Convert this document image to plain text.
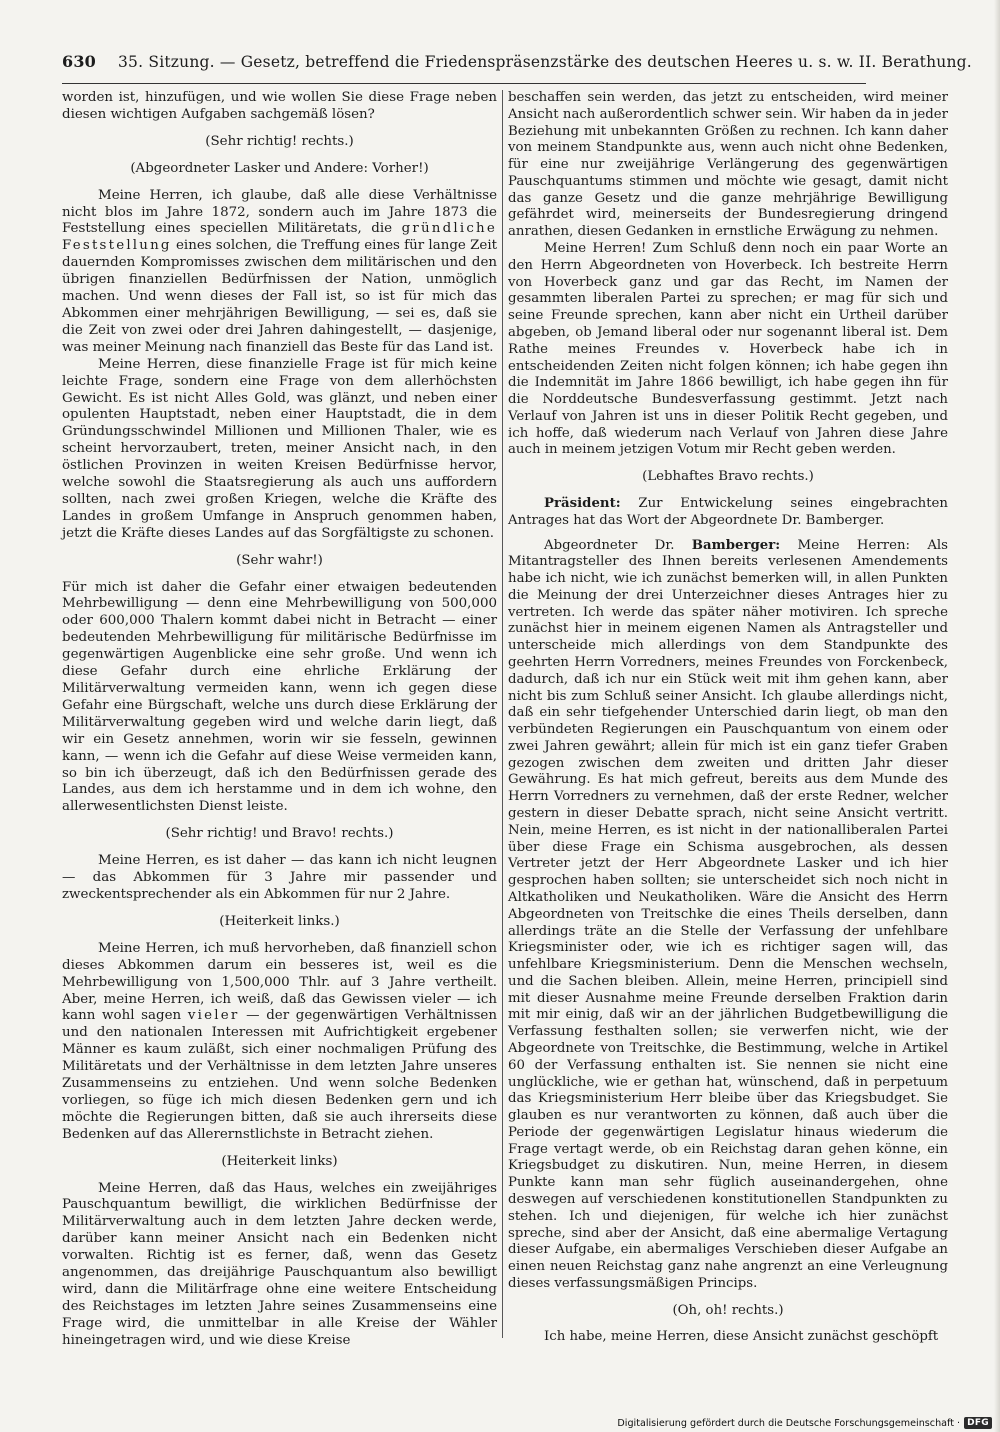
630 35. Sitzung. — Gesetz, betreffend die Friedenspräsenzstärke des deutschen Heeres u. s. w. II. Berathung.

worden ist, hinzufügen, und wie wollen Sie diese Frage neben diesen wichtigen Aufgaben sachgemäß lösen?

(Sehr richtig! rechts.)

(Abgeordneter Lasker und Andere: Vorher!)

Meine Herren, ich glaube, daß alle diese Verhältnisse nicht blos im Jahre 1872, sondern auch im Jahre 1873 die Feststellung eines speciellen Militäretats, die gründliche Feststellung eines solchen, die Treffung eines für lange Zeit dauernden Kompromisses zwischen dem militärischen und den übrigen finanziellen Bedürfnissen der Nation, unmöglich machen. Und wenn dieses der Fall ist, so ist für mich das Abkommen einer mehrjährigen Bewilligung, — sei es, daß sie die Zeit von zwei oder drei Jahren dahingestellt, — dasjenige, was meiner Meinung nach finanziell das Beste für das Land ist.

Meine Herren, diese finanzielle Frage ist für mich keine leichte Frage, sondern eine Frage von dem allerhöchsten Gewicht. Es ist nicht Alles Gold, was glänzt, und neben einer opulenten Hauptstadt, neben einer Hauptstadt, die in dem Gründungsschwindel Millionen und Millionen Thaler, wie es scheint hervorzaubert, treten, meiner Ansicht nach, in den östlichen Provinzen in weiten Kreisen Bedürfnisse hervor, welche sowohl die Staatsregierung als auch uns auffordern sollten, nach zwei großen Kriegen, welche die Kräfte des Landes in großem Umfange in Anspruch genommen haben, jetzt die Kräfte dieses Landes auf das Sorgfältigste zu schonen.

(Sehr wahr!)

Für mich ist daher die Gefahr einer etwaigen bedeutenden Mehrbewilligung — denn eine Mehrbewilligung von 500,000 oder 600,000 Thalern kommt dabei nicht in Betracht — einer bedeutenden Mehrbewilligung für militärische Bedürfnisse im gegenwärtigen Augenblicke eine sehr große. Und wenn ich diese Gefahr durch eine ehrliche Erklärung der Militärverwaltung vermeiden kann, wenn ich gegen diese Gefahr eine Bürgschaft, welche uns durch diese Erklärung der Militärverwaltung gegeben wird und welche darin liegt, daß wir ein Gesetz annehmen, worin wir sie fesseln, gewinnen kann, — wenn ich die Gefahr auf diese Weise vermeiden kann, so bin ich überzeugt, daß ich den Bedürfnissen gerade des Landes, aus dem ich herstamme und in dem ich wohne, den allerwesentlichsten Dienst leiste.

(Sehr richtig! und Bravo! rechts.)

Meine Herren, es ist daher — das kann ich nicht leugnen — das Abkommen für 3 Jahre mir passender und zweckentsprechender als ein Abkommen für nur 2 Jahre.

(Heiterkeit links.)

Meine Herren, ich muß hervorheben, daß finanziell schon dieses Abkommen darum ein besseres ist, weil es die Mehrbewilligung von 1,500,000 Thlr. auf 3 Jahre vertheilt. Aber, meine Herren, ich weiß, daß das Gewissen vieler — ich kann wohl sagen vieler — der gegenwärtigen Verhältnissen und den nationalen Interessen mit Aufrichtigkeit ergebener Männer es kaum zuläßt, sich einer nochmaligen Prüfung des Militäretats und der Verhältnisse in dem letzten Jahre unseres Zusammenseins zu entziehen. Und wenn solche Bedenken vorliegen, so füge ich mich diesen Bedenken gern und ich möchte die Regierungen bitten, daß sie auch ihrerseits diese Bedenken auf das Allerernstlichste in Betracht ziehen.

(Heiterkeit links)

Meine Herren, daß das Haus, welches ein zweijähriges Pauschquantum bewilligt, die wirklichen Bedürfnisse der Militärverwaltung auch in dem letzten Jahre decken werde, darüber kann meiner Ansicht nach ein Bedenken nicht vorwalten. Richtig ist es ferner, daß, wenn das Gesetz angenommen, das dreijährige Pauschquantum also bewilligt wird, dann die Militärfrage ohne eine weitere Entscheidung des Reichstages im letzten Jahre seines Zusammenseins eine Frage wird, die unmittelbar in alle Kreise der Wähler hineingetragen wird, und wie diese Kreise

beschaffen sein werden, das jetzt zu entscheiden, wird meiner Ansicht nach außerordentlich schwer sein. Wir haben da in jeder Beziehung mit unbekannten Größen zu rechnen. Ich kann daher von meinem Standpunkte aus, wenn auch nicht ohne Bedenken, für eine nur zweijährige Verlängerung des gegenwärtigen Pauschquantums stimmen und möchte wie gesagt, damit nicht das ganze Gesetz und die ganze mehrjährige Bewilligung gefährdet wird, meinerseits der Bundesregierung dringend anrathen, diesen Gedanken in ernstliche Erwägung zu nehmen.

Meine Herren! Zum Schluß denn noch ein paar Worte an den Herrn Abgeordneten von Hoverbeck. Ich bestreite Herrn von Hoverbeck ganz und gar das Recht, im Namen der gesammten liberalen Partei zu sprechen; er mag für sich und seine Freunde sprechen, kann aber nicht ein Urtheil darüber abgeben, ob Jemand liberal oder nur sogenannt liberal ist. Dem Rathe meines Freundes v. Hoverbeck habe ich in entscheidenden Zeiten nicht folgen können; ich habe gegen ihn die Indemnität im Jahre 1866 bewilligt, ich habe gegen ihn für die Norddeutsche Bundesverfassung gestimmt. Jetzt nach Verlauf von Jahren ist uns in dieser Politik Recht gegeben, und ich hoffe, daß wiederum nach Verlauf von Jahren diese Jahre auch in meinem jetzigen Votum mir Recht geben werden.

(Lebhaftes Bravo rechts.)

Präsident: Zur Entwickelung seines eingebrachten Antrages hat das Wort der Abgeordnete Dr. Bamberger.

Abgeordneter Dr. Bamberger: Meine Herren: Als Mitantragsteller des Ihnen bereits verlesenen Amendements habe ich nicht, wie ich zunächst bemerken will, in allen Punkten die Meinung der drei Unterzeichner dieses Antrages hier zu vertreten. Ich werde das später näher motiviren. Ich spreche zunächst hier in meinem eigenen Namen als Antragsteller und unterscheide mich allerdings von dem Standpunkte des geehrten Herrn Vorredners, meines Freundes von Forckenbeck, dadurch, daß ich nur ein Stück weit mit ihm gehen kann, aber nicht bis zum Schluß seiner Ansicht. Ich glaube allerdings nicht, daß ein sehr tiefgehender Unterschied darin liegt, ob man den verbündeten Regierungen ein Pauschquantum von einem oder zwei Jahren gewährt; allein für mich ist ein ganz tiefer Graben gezogen zwischen dem zweiten und dritten Jahr dieser Gewährung. Es hat mich gefreut, bereits aus dem Munde des Herrn Vorredners zu vernehmen, daß der erste Redner, welcher gestern in dieser Debatte sprach, nicht seine Ansicht vertritt. Nein, meine Herren, es ist nicht in der nationalliberalen Partei über diese Frage ein Schisma ausgebrochen, als dessen Vertreter jetzt der Herr Abgeordnete Lasker und ich hier gesprochen haben sollten; sie unterscheidet sich noch nicht in Altkatholiken und Neukatholiken. Wäre die Ansicht des Herrn Abgeordneten von Treitschke die eines Theils derselben, dann allerdings träte an die Stelle der Verfassung der unfehlbare Kriegsminister oder, wie ich es richtiger sagen will, das unfehlbare Kriegsministerium. Denn die Menschen wechseln, und die Sachen bleiben. Allein, meine Herren, principiell sind mit dieser Ausnahme meine Freunde derselben Fraktion darin mit mir einig, daß wir an der jährlichen Budgetbewilligung die Verfassung festhalten sollen; sie verwerfen nicht, wie der Abgeordnete von Treitschke, die Bestimmung, welche in Artikel 60 der Verfassung enthalten ist. Sie nennen sie nicht eine unglückliche, wie er gethan hat, wünschend, daß in perpetuum das Kriegsministerium Herr bleibe über das Kriegsbudget. Sie glauben es nur verantworten zu können, daß auch über die Periode der gegenwärtigen Legislatur hinaus wiederum die Frage vertagt werde, ob ein Reichstag daran gehen könne, ein Kriegsbudget zu diskutiren. Nun, meine Herren, in diesem Punkte kann man sehr füglich auseinandergehen, ohne deswegen auf verschiedenen konstitutionellen Standpunkten zu stehen. Ich und diejenigen, für welche ich hier zunächst spreche, sind aber der Ansicht, daß eine abermalige Vertagung dieser Aufgabe, ein abermaliges Verschieben dieser Aufgabe an einen neuen Reichstag ganz nahe angrenzt an eine Verleugnung dieses verfassungsmäßigen Princips.

(Oh, oh! rechts.)

Ich habe, meine Herren, diese Ansicht zunächst geschöpft

Digitalisierung gefördert durch die Deutsche Forschungsgemeinschaft · DFG
